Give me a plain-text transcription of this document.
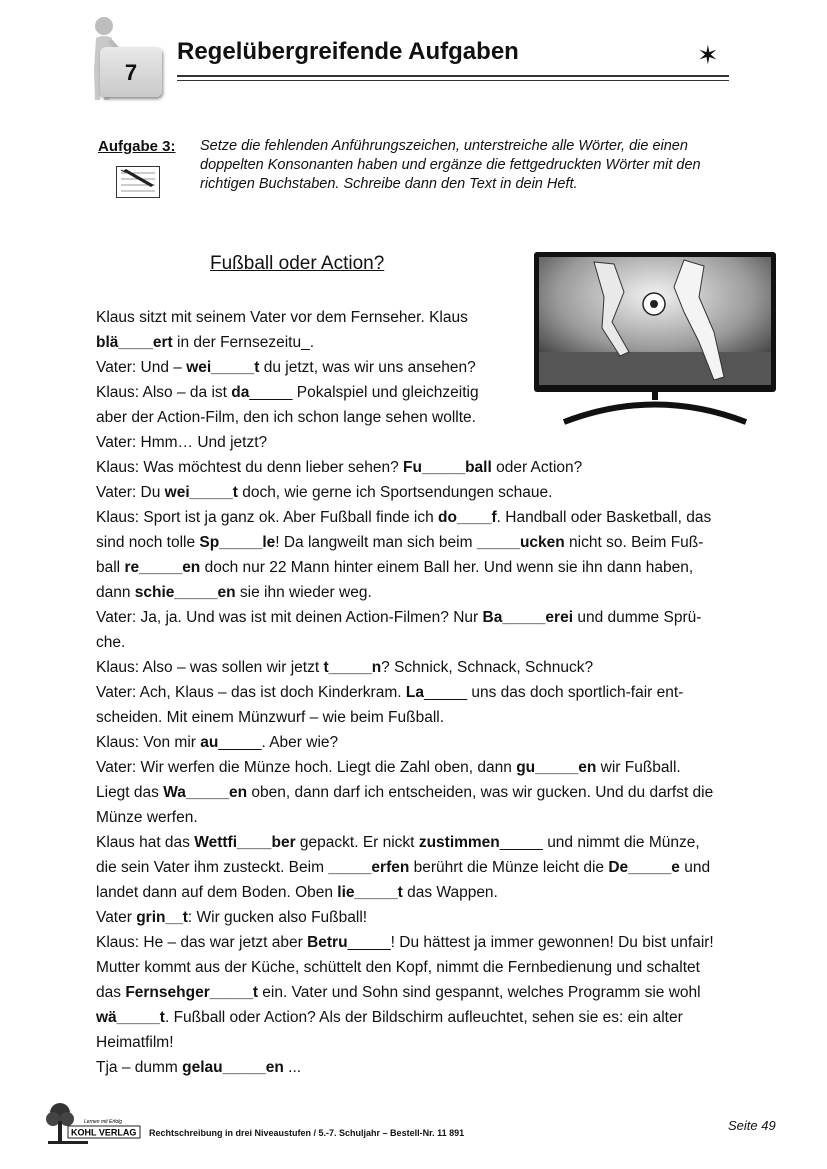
7
Regelübergreifende Aufgaben	✶
Aufgabe 3: Setze die fehlenden Anführungszeichen, unterstreiche alle Wörter, die einen doppelten Konsonanten haben und ergänze die fettgedruckten Wörter mit den richtigen Buchstaben. Schreibe dann den Text in dein Heft.
Fußball oder Action?

Klaus sitzt mit seinem Vater vor dem Fernseher. Klaus

blä____ert in der Fernsezeitu_.

Vater: Und – wei_____t du jetzt, was wir uns ansehen?

Klaus: Also – da ist da_____ Pokalspiel und gleichzeitig

aber der Action-Film, den ich schon lange sehen wollte.

Vater: Hmm… Und jetzt?

Klaus: Was möchtest du denn lieber sehen? Fu_____ball oder Action?

Vater: Du wei_____t doch, wie gerne ich Sportsendungen schaue.

Klaus: Sport ist ja ganz ok. Aber Fußball finde ich do____f. Handball oder Basketball, das

sind noch tolle Sp_____le! Da langweilt man sich beim _____ucken nicht so. Beim Fuß-

ball re_____en doch nur 22 Mann hinter einem Ball her. Und wenn sie ihn dann haben,

dann schie_____en sie ihn wieder weg.

Vater: Ja, ja. Und was ist mit deinen Action-Filmen? Nur Ba_____erei und dumme Sprü-

che.

Klaus: Also – was sollen wir jetzt t_____n? Schnick, Schnack, Schnuck?

Vater: Ach, Klaus – das ist doch Kinderkram. La_____ uns das doch sportlich-fair ent-

scheiden. Mit einem Münzwurf – wie beim Fußball.

Klaus: Von mir au_____. Aber wie?

Vater: Wir werfen die Münze hoch. Liegt die Zahl oben, dann gu_____en wir Fußball.

Liegt das Wa_____en oben, dann darf ich entscheiden, was wir gucken. Und du darfst die

Münze werfen.

Klaus hat das Wettfi____ber gepackt. Er nickt zustimmen_____ und nimmt die Münze,

die sein Vater ihm zusteckt. Beim _____erfen berührt die Münze leicht die De_____e und

landet dann auf dem Boden. Oben lie_____t das Wappen.

Vater grin__t: Wir gucken also Fußball!

Klaus: He – das war jetzt aber Betru_____! Du hättest ja immer gewonnen! Du bist unfair!

Mutter kommt aus der Küche, schüttelt den Kopf, nimmt die Fernbedienung und schaltet

das Fernsehger_____t ein. Vater und Sohn sind gespannt, welches Programm sie wohl

wä_____t. Fußball oder Action? Als der Bildschirm aufleuchtet, sehen sie es: ein alter

Heimatfilm!

Tja – dumm gelau_____en ...

Lernen mit Erfolg
KOHL VERLAG Rechtschreibung in drei Niveaustufen / 5.-7. Schuljahr – Bestell-Nr. 11 891	Seite 49
